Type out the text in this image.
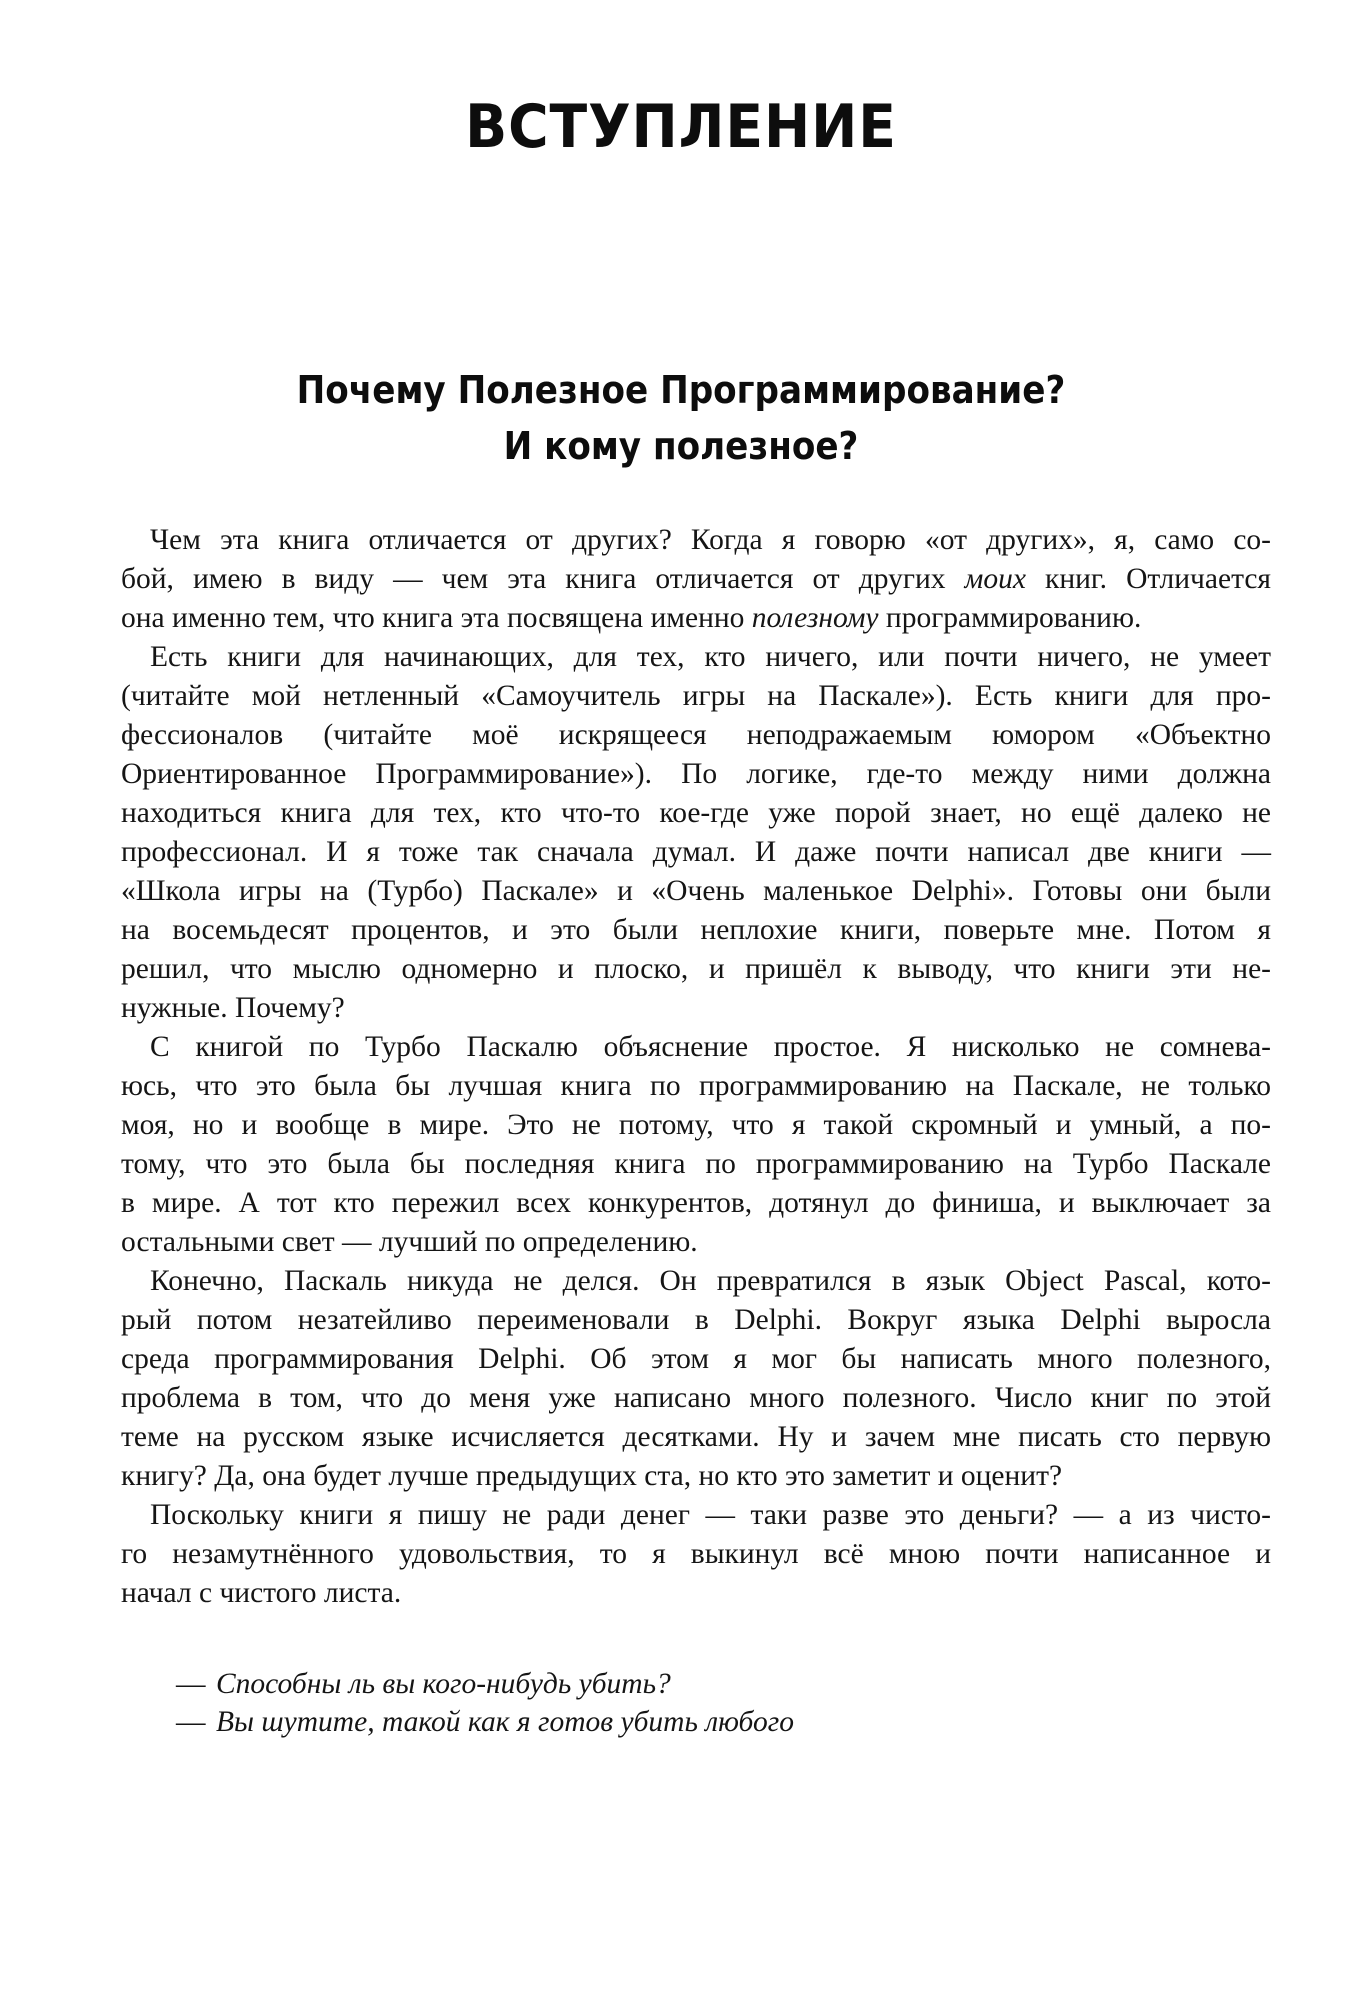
ВСТУПЛЕНИЕ
Почему Полезное Программирование?
И кому полезное?
Чем эта книга отличается от других? Когда я говорю «от других», я, само со-
бой, имею в виду — чем эта книга отличается от других моих книг. Отличается
она именно тем, что книга эта посвящена именно полезному программированию.
Есть книги для начинающих, для тех, кто ничего, или почти ничего, не умеет
(читайте мой нетленный «Самоучитель игры на Паскале»). Есть книги для про-
фессионалов (читайте моё искрящееся неподражаемым юмором «Объектно
Ориентированное Программирование»). По логике, где-то между ними должна
находиться книга для тех, кто что-то кое-где уже порой знает, но ещё далеко не
профессионал. И я тоже так сначала думал. И даже почти написал две книги —
«Школа игры на (Турбо) Паскале» и «Очень маленькое Delphi». Готовы они были
на восемьдесят процентов, и это были неплохие книги, поверьте мне. Потом я
решил, что мыслю одномерно и плоско, и пришёл к выводу, что книги эти не-
нужные. Почему?
С книгой по Турбо Паскалю объяснение простое. Я нисколько не сомнева-
юсь, что это была бы лучшая книга по программированию на Паскале, не только
моя, но и вообще в мире. Это не потому, что я такой скромный и умный, а по-
тому, что это была бы последняя книга по программированию на Турбо Паскале
в мире. А тот кто пережил всех конкурентов, дотянул до финиша, и выключает за
остальными свет — лучший по определению.
Конечно, Паскаль никуда не делся. Он превратился в язык Object Pascal, кото-
рый потом незатейливо переименовали в Delphi. Вокруг языка Delphi выросла
среда программирования Delphi. Об этом я мог бы написать много полезного,
проблема в том, что до меня уже написано много полезного. Число книг по этой
теме на русском языке исчисляется десятками. Ну и зачем мне писать сто первую
книгу? Да, она будет лучше предыдущих ста, но кто это заметит и оценит?
Поскольку книги я пишу не ради денег — таки разве это деньги? — а из чисто-
го незамутнённого удовольствия, то я выкинул всё мною почти написанное и
начал с чистого листа.
— Способны ль вы кого-нибудь убить?
— Вы шутите, такой как я готов убить любого
